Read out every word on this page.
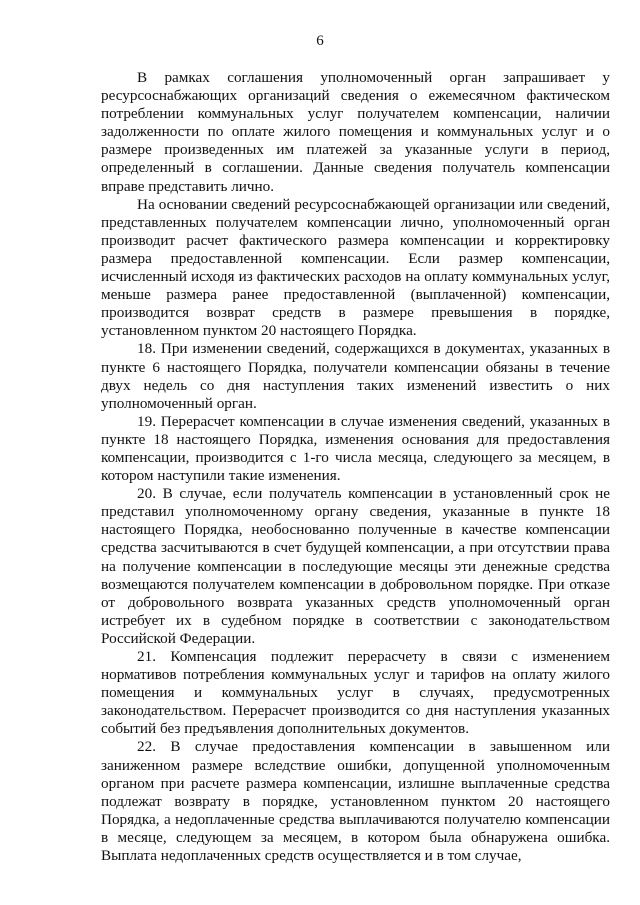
6

В рамках соглашения уполномоченный орган запрашивает у ресурсоснабжающих организаций сведения о ежемесячном фактическом потреблении коммунальных услуг получателем компенсации, наличии задолженности по оплате жилого помещения и коммунальных услуг и о размере произведенных им платежей за указанные услуги в период, определенный в соглашении. Данные сведения получатель компенсации вправе представить лично.

На основании сведений ресурсоснабжающей организации или сведений, представленных получателем компенсации лично, уполномоченный орган производит расчет фактического размера компенсации и корректировку размера предоставленной компенсации. Если размер компенсации, исчисленный исходя из фактических расходов на оплату коммунальных услуг, меньше размера ранее предоставленной (выплаченной) компенсации, производится возврат средств в размере превышения в порядке, установленном пунктом 20 настоящего Порядка.

18. При изменении сведений, содержащихся в документах, указанных в пункте 6 настоящего Порядка, получатели компенсации обязаны в течение двух недель со дня наступления таких изменений известить о них уполномоченный орган.

19. Перерасчет компенсации в случае изменения сведений, указанных в пункте 18 настоящего Порядка, изменения основания для предоставления компенсации, производится с 1-го числа месяца, следующего за месяцем, в котором наступили такие изменения.

20. В случае, если получатель компенсации в установленный срок не представил уполномоченному органу сведения, указанные в пункте 18 настоящего Порядка, необоснованно полученные в качестве компенсации средства засчитываются в счет будущей компенсации, а при отсутствии права на получение компенсации в последующие месяцы эти денежные средства возмещаются получателем компенсации в добровольном порядке. При отказе от добровольного возврата указанных средств уполномоченный орган истребует их в судебном порядке в соответствии с законодательством Российской Федерации.

21. Компенсация подлежит перерасчету в связи с изменением нормативов потребления коммунальных услуг и тарифов на оплату жилого помещения и коммунальных услуг в случаях, предусмотренных законодательством. Перерасчет производится со дня наступления указанных событий без предъявления дополнительных документов.

22. В случае предоставления компенсации в завышенном или заниженном размере вследствие ошибки, допущенной уполномоченным органом при расчете размера компенсации, излишне выплаченные средства подлежат возврату в порядке, установленном пунктом 20 настоящего Порядка, а недоплаченные средства выплачиваются получателю компенсации в месяце, следующем за месяцем, в котором была обнаружена ошибка. Выплата недоплаченных средств осуществляется и в том случае,
